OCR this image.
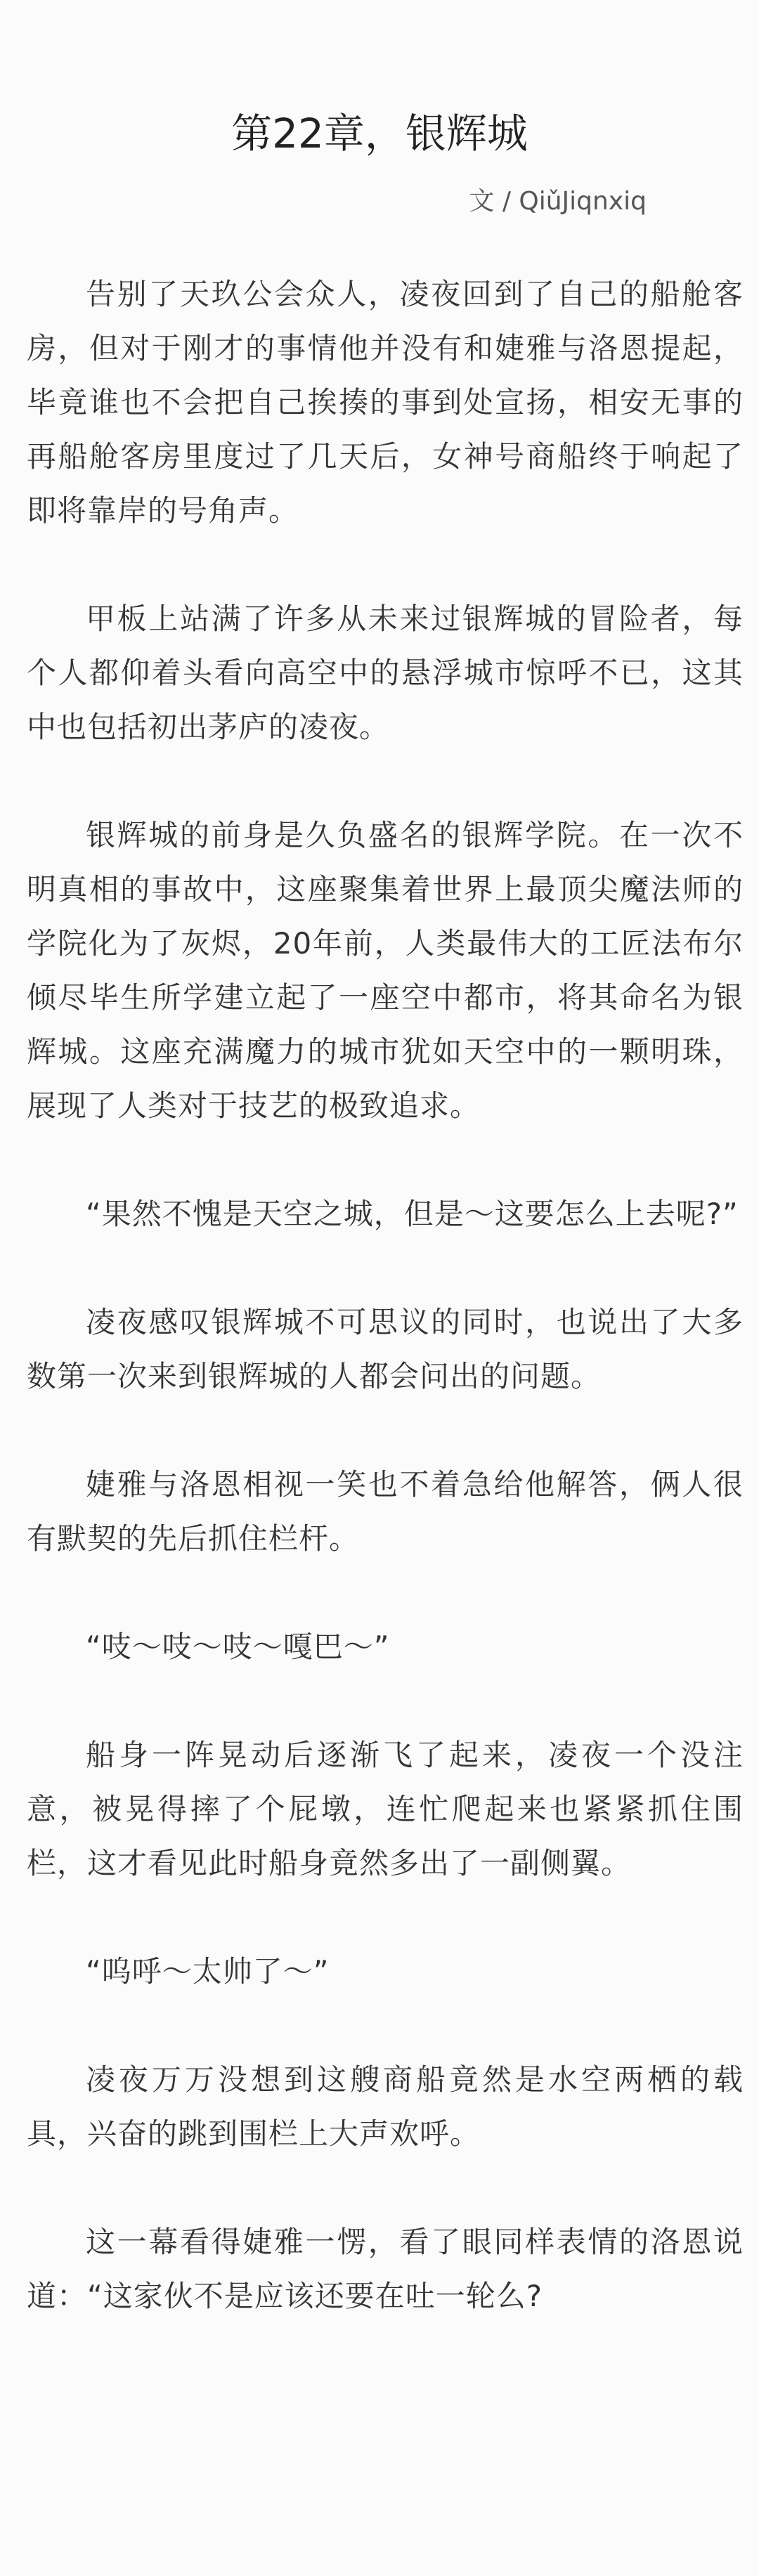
第22章，银辉城
文 / QiǔJiqnxiq

告别了天玖公会众人，凌夜回到了自己的船舱客房，但对于刚才的事情他并没有和婕雅与洛恩提起，毕竟谁也不会把自己挨揍的事到处宣扬，相安无事的再船舱客房里度过了几天后，女神号商船终于响起了即将靠岸的号角声。

甲板上站满了许多从未来过银辉城的冒险者，每个人都仰着头看向高空中的悬浮城市惊呼不已，这其中也包括初出茅庐的凌夜。

银辉城的前身是久负盛名的银辉学院。在一次不明真相的事故中，这座聚集着世界上最顶尖魔法师的学院化为了灰烬，20年前，人类最伟大的工匠法布尔倾尽毕生所学建立起了一座空中都市，将其命名为银辉城。这座充满魔力的城市犹如天空中的一颗明珠，展现了人类对于技艺的极致追求。

“果然不愧是天空之城，但是～这要怎么上去呢?”

凌夜感叹银辉城不可思议的同时，也说出了大多数第一次来到银辉城的人都会问出的问题。

婕雅与洛恩相视一笑也不着急给他解答，俩人很有默契的先后抓住栏杆。

“吱～吱～吱～嘎巴～”

船身一阵晃动后逐渐飞了起来，凌夜一个没注意，被晃得摔了个屁墩，连忙爬起来也紧紧抓住围栏，这才看见此时船身竟然多出了一副侧翼。

“呜呼～太帅了～”

凌夜万万没想到这艘商船竟然是水空两栖的载具，兴奋的跳到围栏上大声欢呼。

这一幕看得婕雅一愣，看了眼同样表情的洛恩说道：“这家伙不是应该还要在吐一轮么?
